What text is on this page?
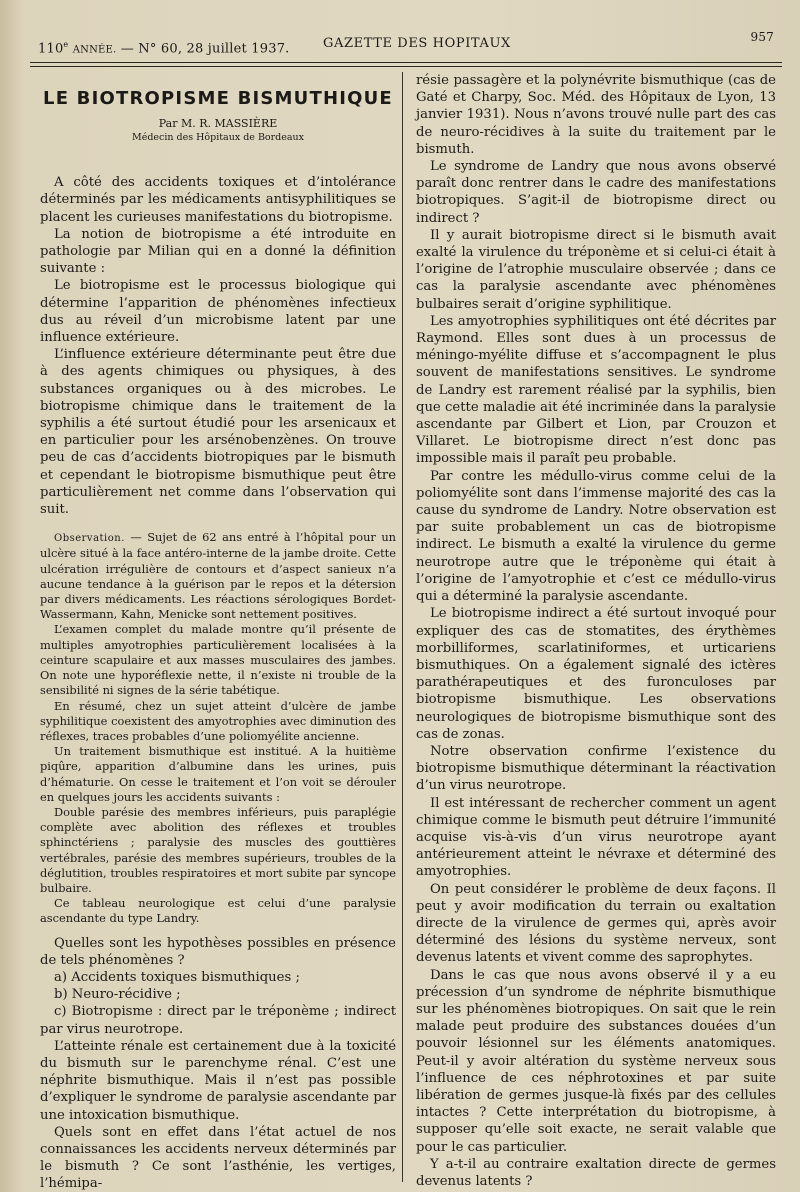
110e ANNÉE. — N° 60, 28 juillet 1937.	GAZETTE DES HOPITAUX	957
LE BIOTROPISME BISMUTHIQUE
Par M. R. MASSIÈRE
Médecin des Hôpitaux de Bordeaux

A côté des accidents toxiques et d’intolérance déterminés par les médicaments antisyphilitiques se placent les curieuses manifestations du biotropisme.

La notion de biotropisme a été introduite en pathologie par Milian qui en a donné la définition suivante :

Le biotropisme est le processus biologique qui détermine l’apparition de phénomènes infectieux dus au réveil d’un microbisme latent par une influence extérieure.

L’influence extérieure déterminante peut être due à des agents chimiques ou physiques, à des substances organiques ou à des microbes. Le biotropisme chimique dans le traitement de la syphilis a été surtout étudié pour les arsenicaux et en particulier pour les arsénobenzènes. On trouve peu de cas d’accidents biotropiques par le bismuth et cependant le biotropisme bismuthique peut être particulièrement net comme dans l’observation qui suit.

Observation. — Sujet de 62 ans entré à l’hôpital pour un ulcère situé à la face antéro-interne de la jambe droite. Cette ulcération irrégulière de contours et d’aspect sanieux n’a aucune tendance à la guérison par le repos et la détersion par divers médicaments. Les réactions sérologiques Bordet-Wassermann, Kahn, Menicke sont nettement positives.

L’examen complet du malade montre qu’il présente de multiples amyotrophies particulièrement localisées à la ceinture scapulaire et aux masses musculaires des jambes. On note une hyporéflexie nette, il n’existe ni trouble de la sensibilité ni signes de la série tabétique.

En résumé, chez un sujet atteint d’ulcère de jambe syphilitique coexistent des amyotrophies avec diminution des réflexes, traces probables d’une poliomyélite ancienne.

Un traitement bismuthique est institué. A la huitième piqûre, apparition d’albumine dans les urines, puis d’hématurie. On cesse le traitement et l’on voit se dérouler en quelques jours les accidents suivants :

Double parésie des membres inférieurs, puis paraplégie complète avec abolition des réflexes et troubles sphinctériens ; paralysie des muscles des gouttières vertébrales, parésie des membres supérieurs, troubles de la déglutition, troubles respiratoires et mort subite par syncope bulbaire.

Ce tableau neurologique est celui d’une paralysie ascendante du type Landry.

Quelles sont les hypothèses possibles en présence de tels phénomènes ?

a) Accidents toxiques bismuthiques ;

b) Neuro-récidive ;

c) Biotropisme : direct par le tréponème ; indirect par virus neurotrope.

L’atteinte rénale est certainement due à la toxicité du bismuth sur le parenchyme rénal. C’est une néphrite bismuthique. Mais il n’est pas possible d’expliquer le syndrome de paralysie ascendante par une intoxication bismuthique.

Quels sont en effet dans l’état actuel de nos connaissances les accidents nerveux déterminés par le bismuth ? Ce sont l’asthénie, les vertiges, l’hémipa-

résie passagère et la polynévrite bismuthique (cas de Gaté et Charpy, Soc. Méd. des Hôpitaux de Lyon, 13 janvier 1931). Nous n’avons trouvé nulle part des cas de neuro-récidives à la suite du traitement par le bismuth.

Le syndrome de Landry que nous avons observé paraît donc rentrer dans le cadre des manifestations biotropiques. S’agit-il de biotropisme direct ou indirect ?

Il y aurait biotropisme direct si le bismuth avait exalté la virulence du tréponème et si celui-ci était à l’origine de l’atrophie musculaire observée ; dans ce cas la paralysie ascendante avec phénomènes bulbaires serait d’origine syphilitique.

Les amyotrophies syphilitiques ont été décrites par Raymond. Elles sont dues à un processus de méningo-myélite diffuse et s’accompagnent le plus souvent de manifestations sensitives. Le syndrome de Landry est rarement réalisé par la syphilis, bien que cette maladie ait été incriminée dans la paralysie ascendante par Gilbert et Lion, par Crouzon et Villaret. Le biotropisme direct n’est donc pas impossible mais il paraît peu probable.

Par contre les médullo-virus comme celui de la poliomyélite sont dans l’immense majorité des cas la cause du syndrome de Landry. Notre observation est par suite probablement un cas de biotropisme indirect. Le bismuth a exalté la virulence du germe neurotrope autre que le tréponème qui était à l’origine de l’amyotrophie et c’est ce médullo-virus qui a déterminé la paralysie ascendante.

Le biotropisme indirect a été surtout invoqué pour expliquer des cas de stomatites, des érythèmes morbilliformes, scarlatiniformes, et urticariens bismuthiques. On a également signalé des ictères parathérapeutiques et des furonculoses par biotropisme bismuthique. Les observations neurologiques de biotropisme bismuthique sont des cas de zonas.

Notre observation confirme l’existence du biotropisme bismuthique déterminant la réactivation d’un virus neurotrope.

Il est intéressant de rechercher comment un agent chimique comme le bismuth peut détruire l’immunité acquise vis-à-vis d’un virus neurotrope ayant antérieurement atteint le névraxe et déterminé des amyotrophies.

On peut considérer le problème de deux façons. Il peut y avoir modification du terrain ou exaltation directe de la virulence de germes qui, après avoir déterminé des lésions du système nerveux, sont devenus latents et vivent comme des saprophytes.

Dans le cas que nous avons observé il y a eu précession d’un syndrome de néphrite bismuthique sur les phénomènes biotropiques. On sait que le rein malade peut produire des substances douées d’un pouvoir lésionnel sur les éléments anatomiques. Peut-il y avoir altération du système nerveux sous l’influence de ces néphrotoxines et par suite libération de germes jusque-là fixés par des cellules intactes ? Cette interprétation du biotropisme, à supposer qu’elle soit exacte, ne serait valable que pour le cas particulier.

Y a-t-il au contraire exaltation directe de germes devenus latents ?
